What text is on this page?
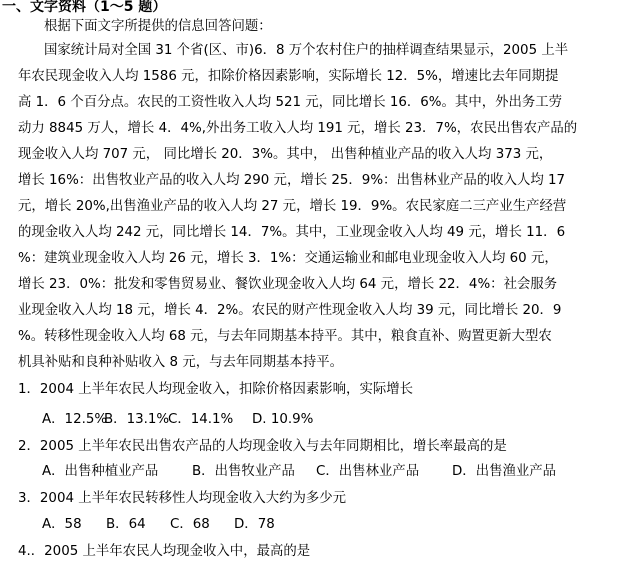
一、文字资料（1～5 题）
根据下面文字所提供的信息回答问题：
国家统计局对全国 31 个省(区、市)6．8 万个农村住户的抽样调查结果显示，2005 上半
年农民现金收入人均 1586 元，扣除价格因素影响，实际增长 12．5%，增速比去年同期提
高 1．6 个百分点。农民的工资性收入人均 521 元，同比增长 16．6%。其中，外出务工劳
动力 8845 万人，增长 4．4%,外出务工收入人均 191 元，增长 23．7%，农民出售农产品的
现金收入人均 707 元， 同比增长 20．3%。其中， 出售种植业产品的收入人均 373 元，
增长 16%：出售牧业产品的收入人均 290 元，增长 25．9%：出售林业产品的收入人均 17
元，增长 20%,出售渔业产品的收入人均 27 元，增长 19．9%。农民家庭二三产业生产经营
的现金收入人均 242 元，同比增长 14．7%。其中，工业现金收入人均 49 元，增长 11．6
%：建筑业现金收入人均 26 元，增长 3．1%：交通运输业和邮电业现金收入人均 60 元，
增长 23．0%：批发和零售贸易业、餐饮业现金收入人均 64 元，增长 22．4%：社会服务
业现金收入人均 18 元，增长 4．2%。农民的财产性现金收入人均 39 元，同比增长 20．9
%。转移性现金收入人均 68 元，与去年同期基本持平。其中，粮食直补、购置更新大型农
机具补贴和良种补贴收入 8 元，与去年同期基本持平。
1．2004 上半年农民人均现金收入，扣除价格因素影响，实际增长
A．12.5%B．13.1%C．14.1% D. 10.9%
2．2005 上半年农民出售农产品的人均现金收入与去年同期相比，增长率最高的是
A．出售种植业产品	B．出售牧业产品 C．出售林业产品 D．出售渔业产品
3．2004 上半年农民转移性人均现金收入大约为多少元
A．58 B．64 C．68 D．78
4.．2005 上半年农民人均现金收入中，最高的是
